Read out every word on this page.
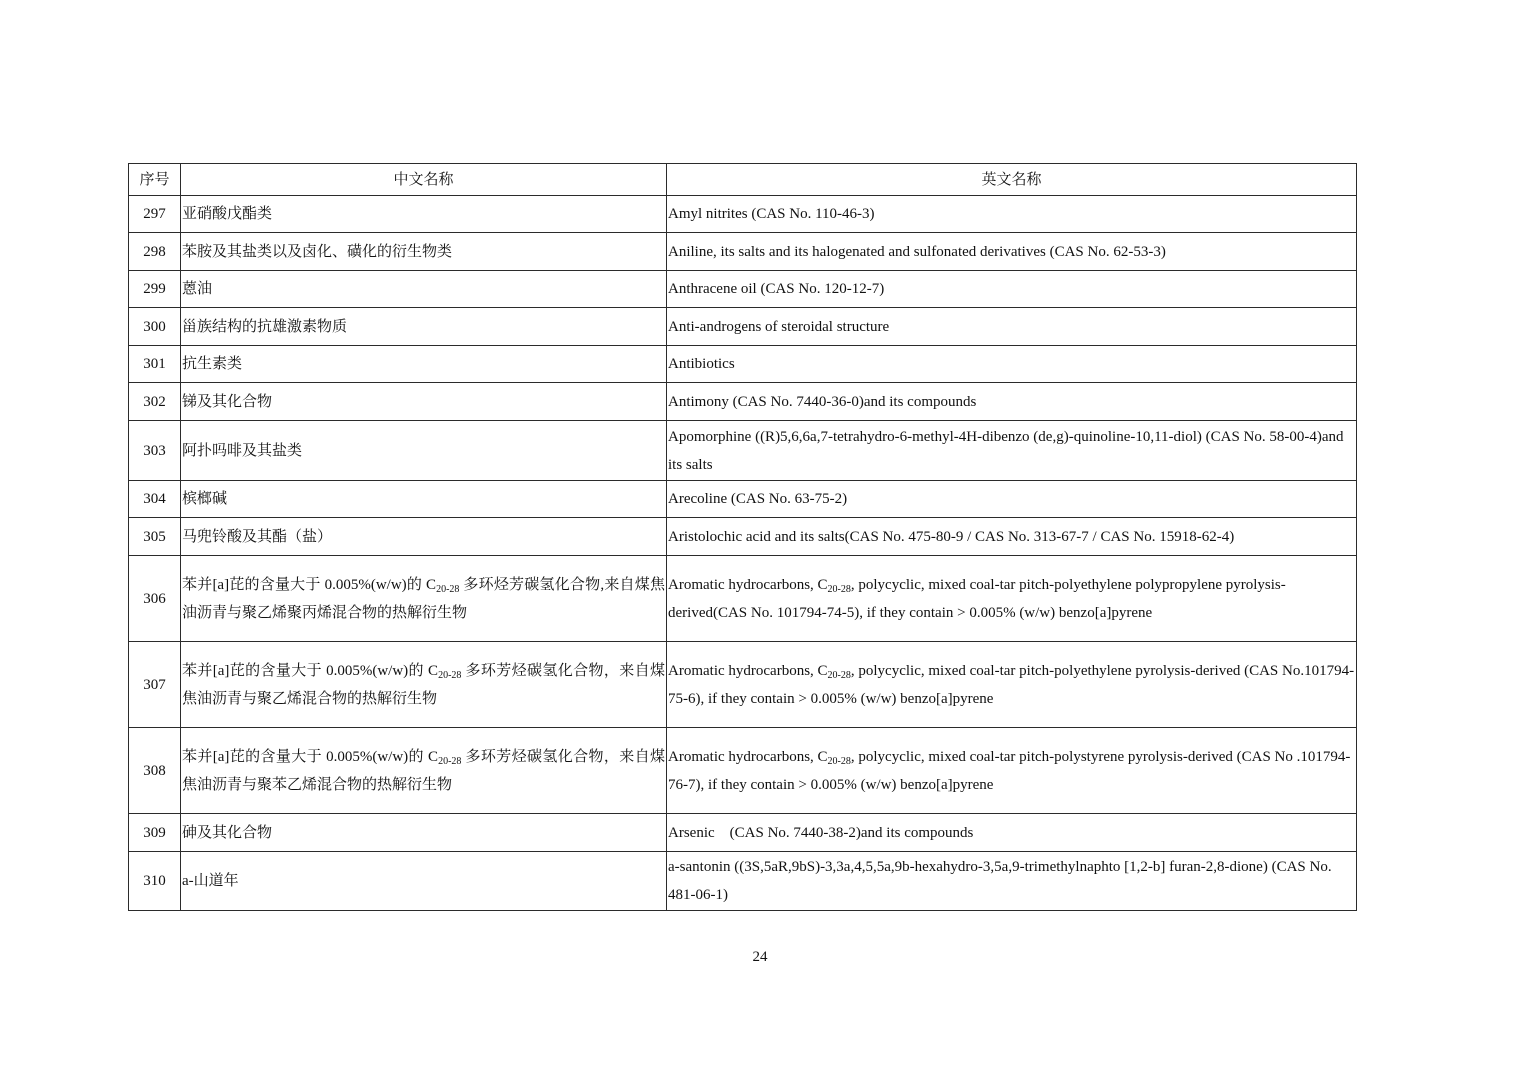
序号	中文名称	英文名称
297	亚硝酸戊酯类	Amyl nitrites (CAS No. 110-46-3)
298	苯胺及其盐类以及卤化、磺化的衍生物类	Aniline, its salts and its halogenated and sulfonated derivatives (CAS No. 62-53-3)
299	蒽油	Anthracene oil (CAS No. 120-12-7)
300	甾族结构的抗雄激素物质	Anti-androgens of steroidal structure
301	抗生素类	Antibiotics
302	锑及其化合物	Antimony (CAS No. 7440-36-0)and its compounds
303	阿扑吗啡及其盐类	Apomorphine ((R)5,6,6a,7-tetrahydro-6-methyl-4H-dibenzo (de,g)-quinoline-10,11-diol) (CAS No. 58-00-4)and its salts
304	槟榔碱	Arecoline (CAS No. 63-75-2)
305	马兜铃酸及其酯（盐）	Aristolochic acid and its salts(CAS No. 475-80-9 / CAS No. 313-67-7 / CAS No. 15918-62-4)
306	苯并[a]芘的含量大于 0.005%(w/w)的 $C_{20-28}$ 多环烃芳碳氢化合物,来自煤焦油沥青与聚乙烯聚丙烯混合物的热解衍生物	Aromatic hydrocarbons, $C_{20-28}$, polycyclic, mixed coal-tar pitch-polyethylene polypropylene pyrolysis-derived(CAS No. 101794-74-5), if they contain > 0.005% (w/w) benzo[a]pyrene
307	苯并[a]芘的含量大于 0.005%(w/w)的 $C_{20-28}$ 多环芳烃碳氢化合物，来自煤焦油沥青与聚乙烯混合物的热解衍生物	Aromatic hydrocarbons, $C_{20-28}$, polycyclic, mixed coal-tar pitch-polyethylene pyrolysis-derived (CAS No.101794-75-6), if they contain > 0.005% (w/w) benzo[a]pyrene
308	苯并[a]芘的含量大于 0.005%(w/w)的 $C_{20-28}$ 多环芳烃碳氢化合物，来自煤焦油沥青与聚苯乙烯混合物的热解衍生物	Aromatic hydrocarbons, $C_{20-28}$, polycyclic, mixed coal-tar pitch-polystyrene pyrolysis-derived (CAS No .101794-76-7), if they contain > 0.005% (w/w) benzo[a]pyrene
309	砷及其化合物	Arsenic    (CAS No. 7440-38-2)and its compounds
310	a-山道年	a-santonin ((3S,5aR,9bS)-3,3a,4,5,5a,9b-hexahydro-3,5a,9-trimethylnaphto [1,2-b] furan-2,8-dione) (CAS No. 481-06-1)
24
